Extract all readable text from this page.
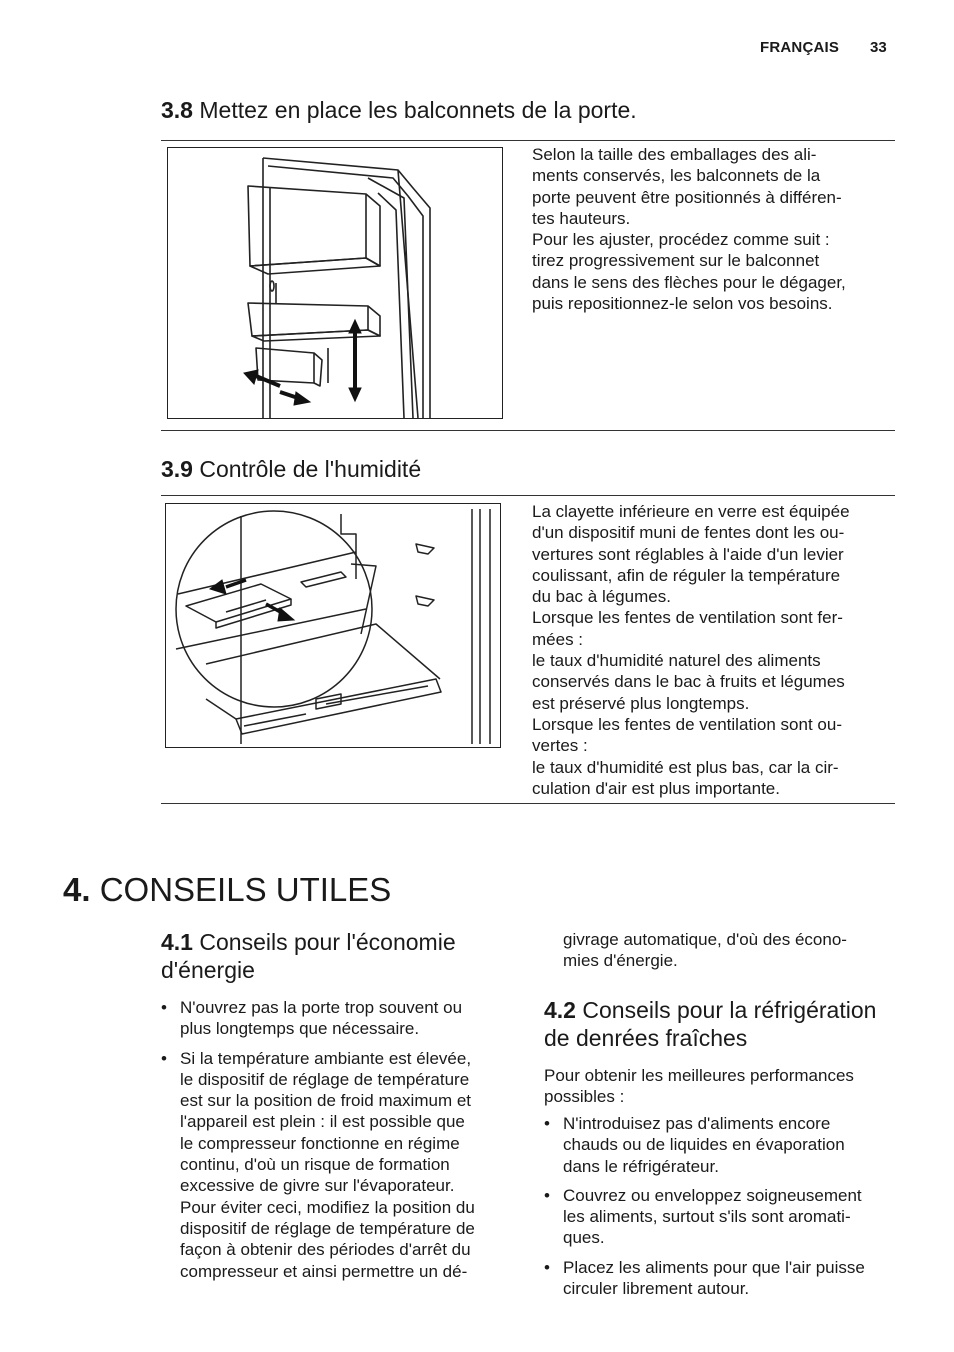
FRANÇAIS 33
3.8 Mettez en place les balconnets de la porte.
Selon la taille des emballages des ali-
ments conservés, les balconnets de la
porte peuvent être positionnés à différen-
tes hauteurs.
Pour les ajuster, procédez comme suit :
tirez progressivement sur le balconnet
dans le sens des flèches pour le dégager,
puis repositionnez-le selon vos besoins.
3.9 Contrôle de l'humidité
La clayette inférieure en verre est équipée
d'un dispositif muni de fentes dont les ou-
vertures sont réglables à l'aide d'un levier
coulissant, afin de réguler la température
du bac à légumes.
Lorsque les fentes de ventilation sont fer-
mées :
le taux d'humidité naturel des aliments
conservés dans le bac à fruits et légumes
est préservé plus longtemps.
Lorsque les fentes de ventilation sont ou-
vertes :
le taux d'humidité est plus bas, car la cir-
culation d'air est plus importante.
4. CONSEILS UTILES
4.1 Conseils pour l'économie
d'énergie
• N'ouvrez pas la porte trop souvent ou
plus longtemps que nécessaire.
• Si la température ambiante est élevée,
le dispositif de réglage de température
est sur la position de froid maximum et
l'appareil est plein : il est possible que
le compresseur fonctionne en régime
continu, d'où un risque de formation
excessive de givre sur l'évaporateur.
Pour éviter ceci, modifiez la position du
dispositif de réglage de température de
façon à obtenir des périodes d'arrêt du
compresseur et ainsi permettre un dé-
givrage automatique, d'où des écono-
mies d'énergie.
4.2 Conseils pour la réfrigération
de denrées fraîches
Pour obtenir les meilleures performances
possibles :
• N'introduisez pas d'aliments encore
chauds ou de liquides en évaporation
dans le réfrigérateur.
• Couvrez ou enveloppez soigneusement
les aliments, surtout s'ils sont aromati-
ques.
• Placez les aliments pour que l'air puisse
circuler librement autour.
